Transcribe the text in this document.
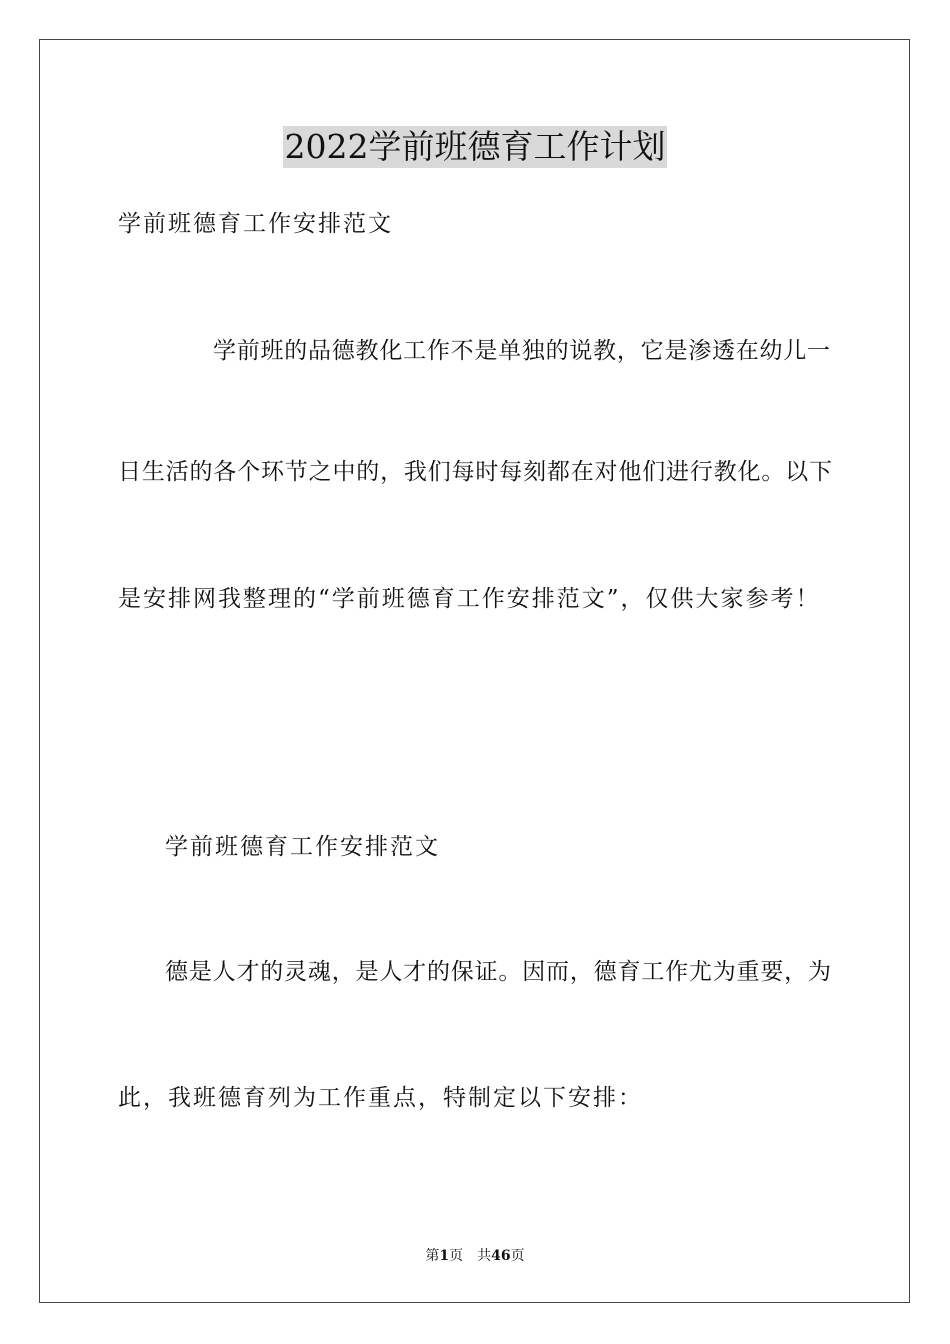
2022学前班德育工作计划
学前班德育工作安排范文
学前班的品德教化工作不是单独的说教，它是渗透在幼儿一
日生活的各个环节之中的，我们每时每刻都在对他们进行教化。以下
是安排网我整理的“学前班德育工作安排范文”，仅供大家参考！
学前班德育工作安排范文
德是人才的灵魂，是人才的保证。因而，德育工作尤为重要，为
此，我班德育列为工作重点，特制定以下安排：
第1页 共46页
